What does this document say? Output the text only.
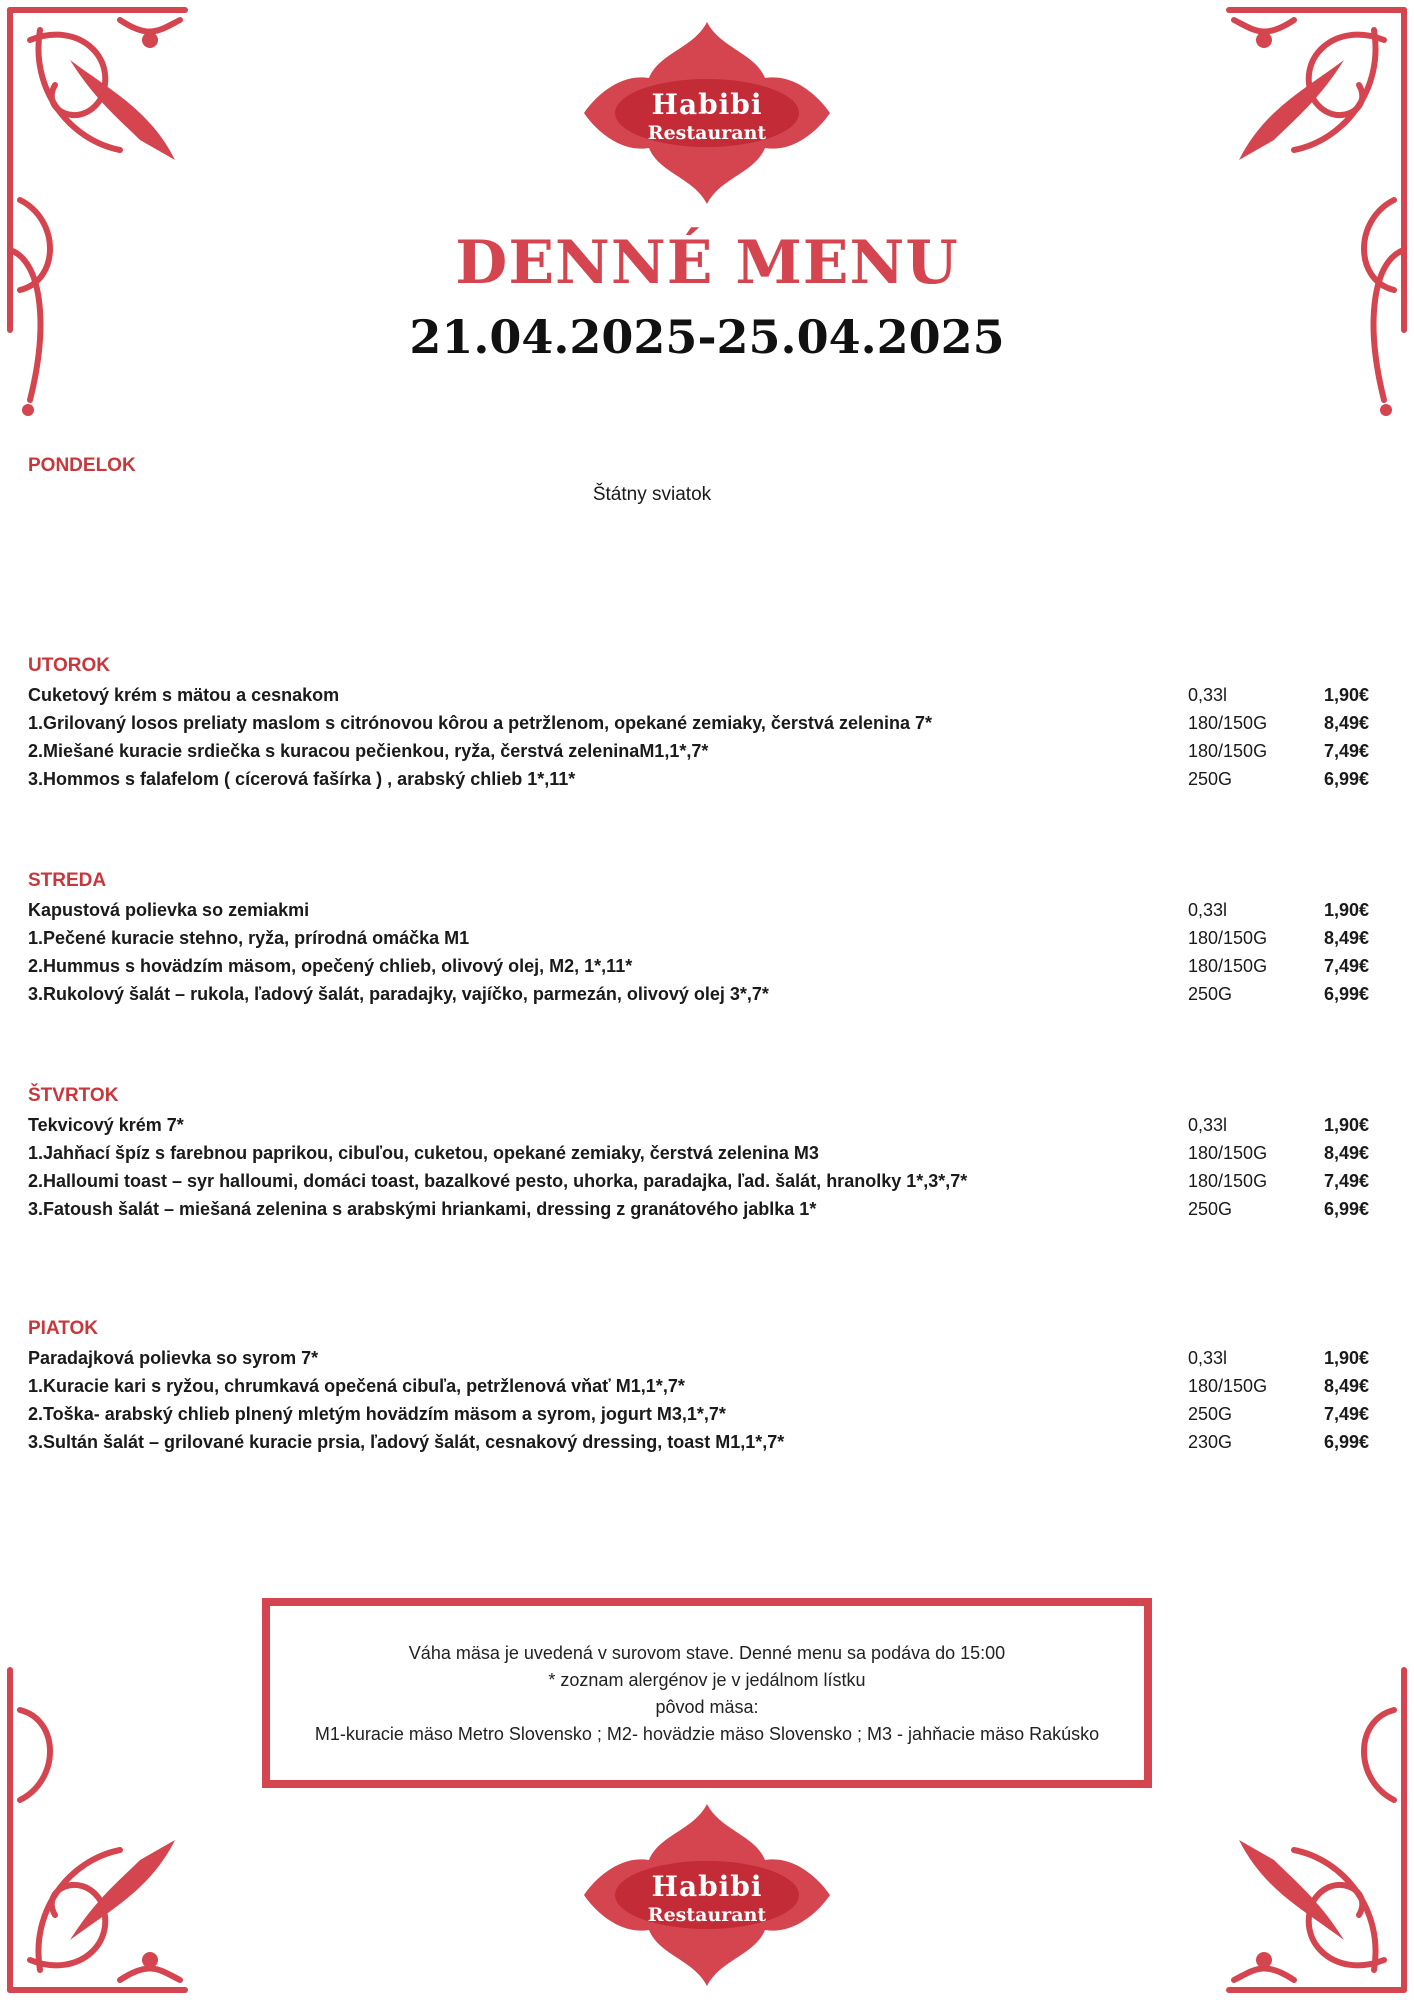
Habibi
Restaurant
DENNÉ MENU
21.04.2025-25.04.2025
PONDELOK
Štátny sviatok
UTOROK
Cuketový krém s mätou a cesnakom	0,33l	1,90€
1.Grilovaný losos preliaty maslom s citrónovou kôrou a petržlenom, opekané zemiaky, čerstvá zelenina 7*	180/150G	8,49€
2.Miešané kuracie srdiečka s kuracou pečienkou, ryža, čerstvá zeleninaM1,1*,7*	180/150G	7,49€
3.Hommos s falafelom ( cícerová fašírka ) , arabský chlieb 1*,11*	250G	6,99€
STREDA
Kapustová polievka so zemiakmi	0,33l	1,90€
1.Pečené kuracie stehno, ryža, prírodná omáčka M1	180/150G	8,49€
2.Hummus s hovädzím mäsom, opečený chlieb, olivový olej, M2, 1*,11*	180/150G	7,49€
3.Rukolový šalát – rukola, ľadový šalát, paradajky, vajíčko, parmezán, olivový olej 3*,7*	250G	6,99€
ŠTVRTOK
Tekvicový krém 7*	0,33l	1,90€
1.Jahňací špíz s farebnou paprikou, cibuľou, cuketou, opekané zemiaky, čerstvá zelenina M3	180/150G	8,49€
2.Halloumi toast – syr halloumi, domáci toast, bazalkové pesto, uhorka, paradajka, ľad. šalát, hranolky 1*,3*,7*	180/150G	7,49€
3.Fatoush šalát – miešaná zelenina s arabskými hriankami, dressing z granátového jablka 1*	250G	6,99€
PIATOK
Paradajková polievka so syrom 7*	0,33l	1,90€
1.Kuracie kari s ryžou, chrumkavá opečená cibuľa, petržlenová vňať M1,1*,7*	180/150G	8,49€
2.Toška- arabský chlieb plnený mletým hovädzím mäsom a syrom, jogurt M3,1*,7*	250G	7,49€
3.Sultán šalát – grilované kuracie prsia, ľadový šalát, cesnakový dressing, toast M1,1*,7*	230G	6,99€
Váha mäsa je uvedená v surovom stave. Denné menu sa podáva do 15:00
* zoznam alergénov je v jedálnom lístku
pôvod mäsa:
M1-kuracie mäso Metro Slovensko ; M2- hovädzie mäso Slovensko ; M3 - jahňacie mäso Rakúsko
Habibi
Restaurant
